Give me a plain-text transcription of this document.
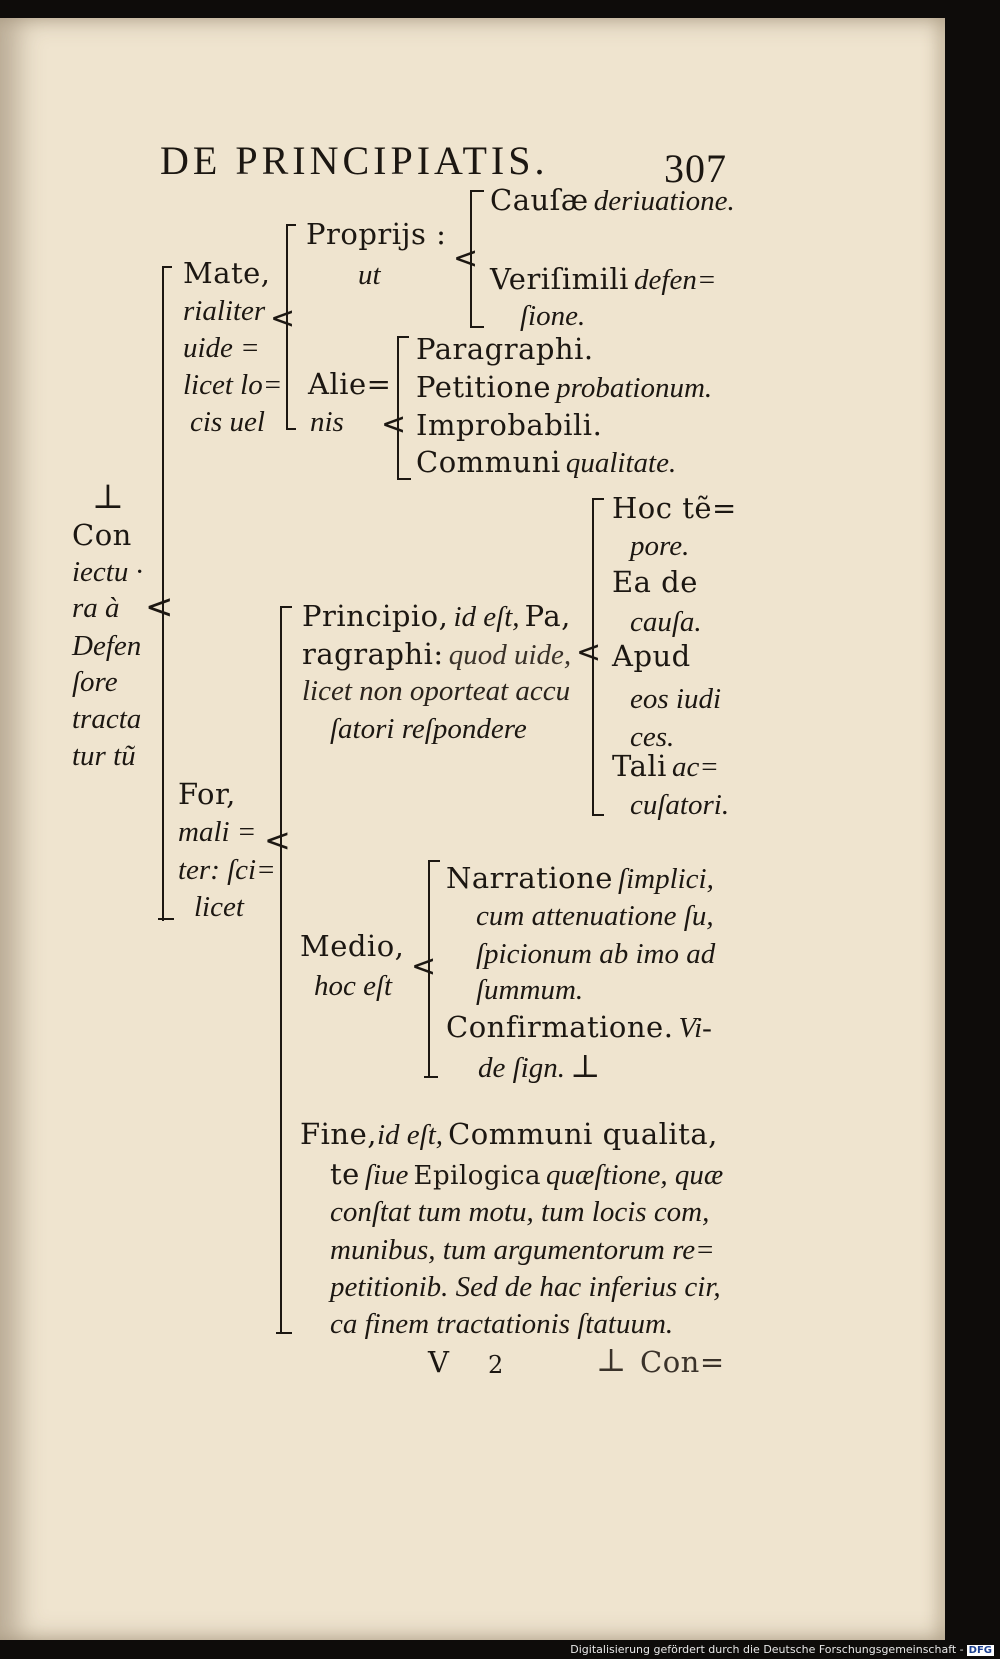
DE PRINCIPIATIS.	307
⊥
Con
iectu ·
ra à
Defen
ſore
tracta
tur tũ
<
Mate,
rialiter
uide =
licet lo=
cis uel
<
Proprijs :
ut <
Cauſæ deriuatione.
Veriſimili defen=
ſione.
Alie=
nis <
Paragraphi.
Petitione probationum.
Improbabili.
Communi qualitate.
For,
mali =
ter: ſci=
licet
<
Principio, id eſt, Pa,
ragraphi: quod uide,
licet non oporteat accu
ſatori reſpondere
<
Hoc tẽ=
pore.
Ea de
cauſa.
Apud
eos iudi ces.
Tali ac=
cuſatori.
Medio,
hoc eſt
<
Narratione ſimplici,
cum attenuatione ſu,
ſpicionum ab imo ad
ſummum.
Confirmatione. Vi-
de ſign. ⊥
Fine,id eſt, Communi qualita,
te ſiue Epilogica quæſtione, quæ
conſtat tum motu, tum locis com,
munibus, tum argumentorum re=
petitionib. Sed de hac inferius cir,
ca finem tractationis ſtatuum.
V 2	⊥ Con=
Digitalisierung gefördert durch die Deutsche Forschungsgemeinschaft - DFG
